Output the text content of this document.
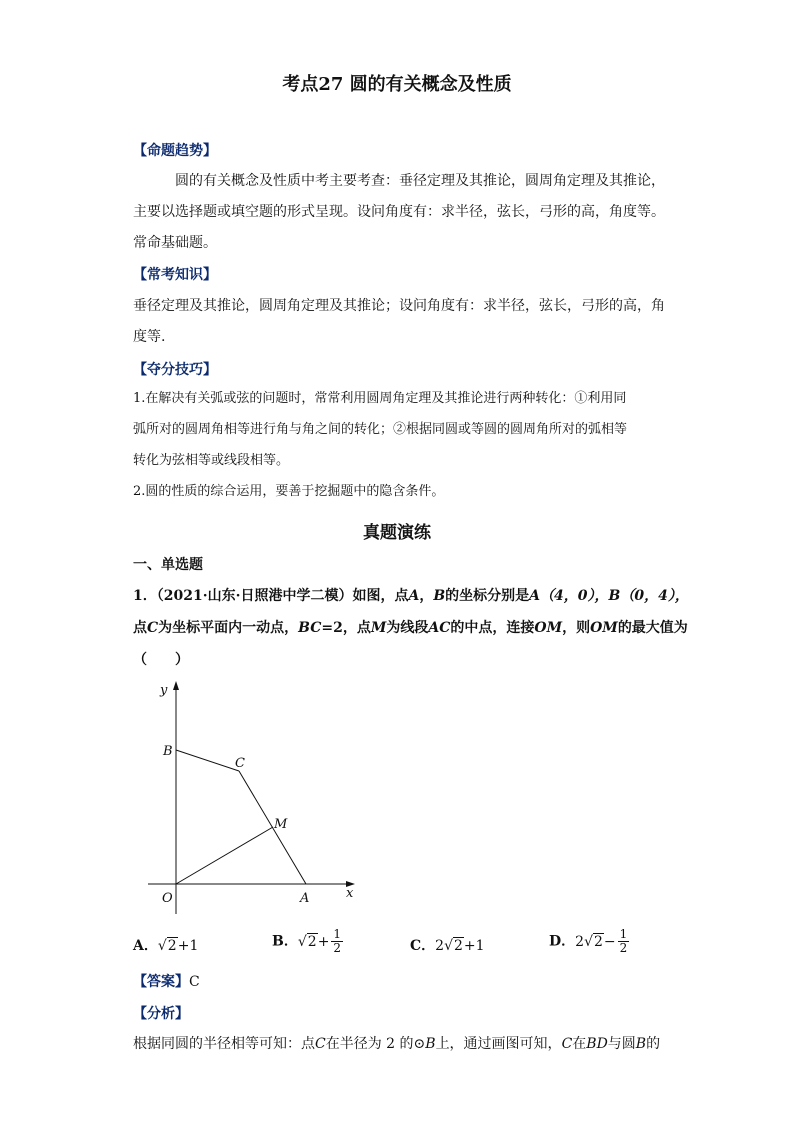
考点27 圆的有关概念及性质
【命题趋势】
圆的有关概念及性质中考主要考查：垂径定理及其推论，圆周角定理及其推论，
主要以选择题或填空题的形式呈现。设问角度有：求半径，弦长，弓形的高，角度等。
常命基础题。
【常考知识】
垂径定理及其推论，圆周角定理及其推论；设问角度有：求半径，弦长，弓形的高，角
度等.
【夺分技巧】
1.在解决有关弧或弦的问题时，常常利用圆周角定理及其推论进行两种转化：①利用同
弧所对的圆周角相等进行角与角之间的转化；②根据同圆或等圆的圆周角所对的弧相等
转化为弦相等或线段相等。
2.圆的性质的综合运用，要善于挖掘题中的隐含条件。
真题演练
一、单选题
1．（2021·山东·日照港中学二模）如图，点A，B的坐标分别是A（4，0），B（0，4），
点C为坐标平面内一动点，BC=2，点M为线段AC的中点，连接OM，则OM的最大值为
（　　）
y
x
O	A
B
C
M
A．√2+1	B．$√2+ \frac{1}{2}$	C．2√2+1	D．$2√2- \frac{1}{2}$
【答案】C
【分析】
根据同圆的半径相等可知：点C在半径为 2 的⊙B上，通过画图可知，C在BD与圆B的
